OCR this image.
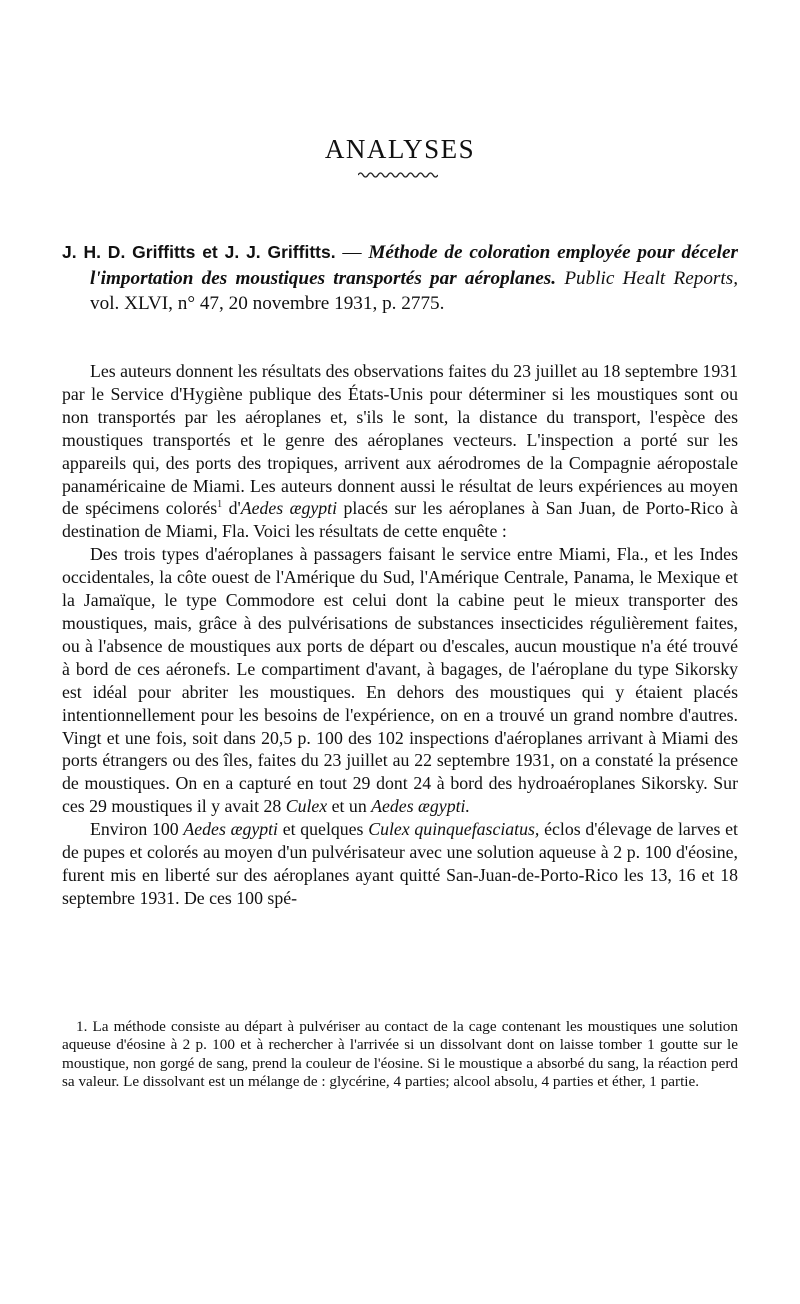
ANALYSES
J. H. D. Griffitts et J. J. Griffitts. — Méthode de coloration employée pour déceler l'importation des moustiques transportés par aéroplanes. Public Healt Reports, vol. XLVI, n° 47, 20 novembre 1931, p. 2775.

Les auteurs donnent les résultats des observations faites du 23 juillet au 18 septembre 1931 par le Service d'Hygiène publique des États-Unis pour déterminer si les moustiques sont ou non transportés par les aéroplanes et, s'ils le sont, la distance du transport, l'espèce des moustiques transportés et le genre des aéroplanes vecteurs. L'inspection a porté sur les appareils qui, des ports des tropiques, arrivent aux aérodromes de la Compagnie aéropostale panaméricaine de Miami. Les auteurs donnent aussi le résultat de leurs expériences au moyen de spécimens colorés$^1$ d'Aedes ægypti placés sur les aéroplanes à San Juan, de Porto-Rico à destination de Miami, Fla. Voici les résultats de cette enquête :

Des trois types d'aéroplanes à passagers faisant le service entre Miami, Fla., et les Indes occidentales, la côte ouest de l'Amérique du Sud, l'Amérique Centrale, Panama, le Mexique et la Jamaïque, le type Commodore est celui dont la cabine peut le mieux transporter des moustiques, mais, grâce à des pulvérisations de substances insecticides régulièrement faites, ou à l'absence de moustiques aux ports de départ ou d'escales, aucun moustique n'a été trouvé à bord de ces aéronefs. Le compartiment d'avant, à bagages, de l'aéroplane du type Sikorsky est idéal pour abriter les moustiques. En dehors des moustiques qui y étaient placés intentionnellement pour les besoins de l'expérience, on en a trouvé un grand nombre d'autres. Vingt et une fois, soit dans 20,5 p. 100 des 102 inspections d'aéroplanes arrivant à Miami des ports étrangers ou des îles, faites du 23 juillet au 22 septembre 1931, on a constaté la présence de moustiques. On en a capturé en tout 29 dont 24 à bord des hydroaéroplanes Sikorsky. Sur ces 29 moustiques il y avait 28 Culex et un Aedes ægypti.

Environ 100 Aedes ægypti et quelques Culex quinquefasciatus, éclos d'élevage de larves et de pupes et colorés au moyen d'un pulvérisateur avec une solution aqueuse à 2 p. 100 d'éosine, furent mis en liberté sur des aéroplanes ayant quitté San-Juan-de-Porto-Rico les 13, 16 et 18 septembre 1931. De ces 100 spé-

1. La méthode consiste au départ à pulvériser au contact de la cage contenant les moustiques une solution aqueuse d'éosine à 2 p. 100 et à rechercher à l'arrivée si un dissolvant dont on laisse tomber 1 goutte sur le moustique, non gorgé de sang, prend la couleur de l'éosine. Si le moustique a absorbé du sang, la réaction perd sa valeur. Le dissolvant est un mélange de : glycérine, 4 parties; alcool absolu, 4 parties et éther, 1 partie.
